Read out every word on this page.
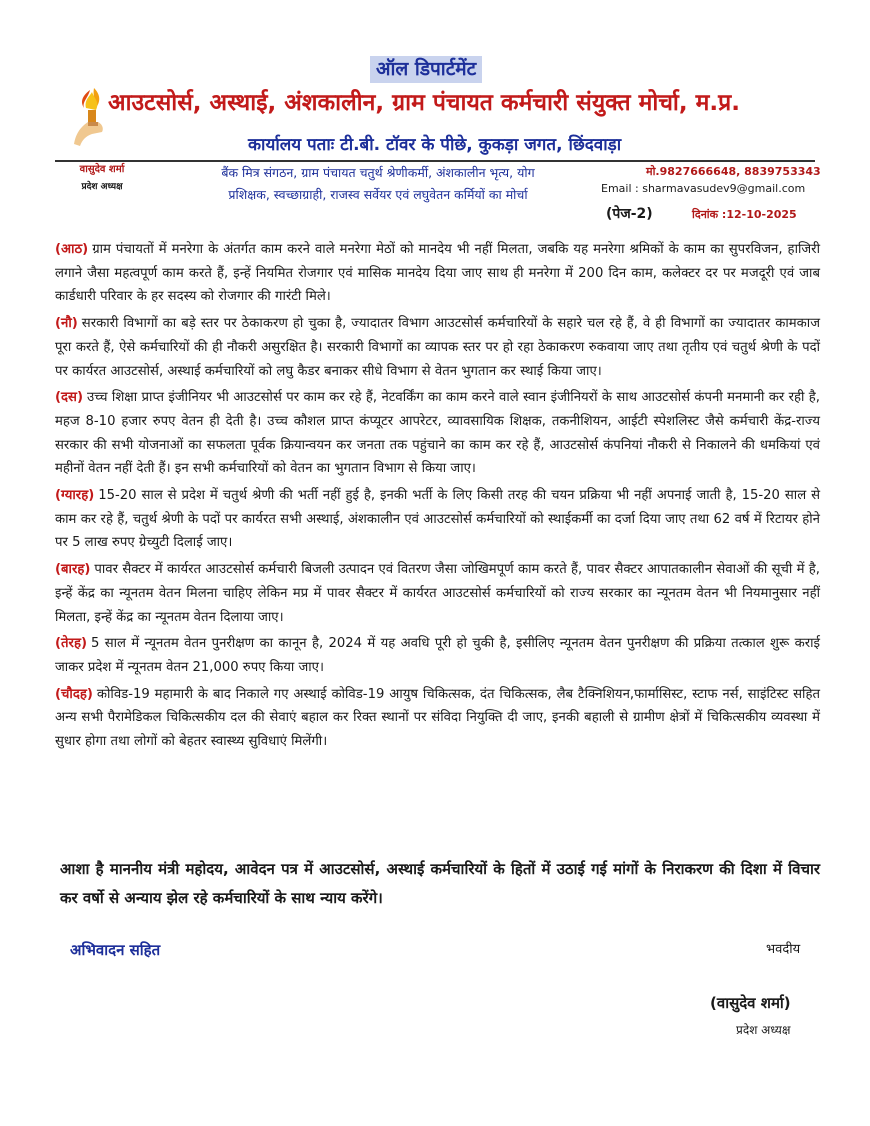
ऑल डिपार्टमेंट
आउटसोर्स, अस्थाई, अंशकालीन, ग्राम पंचायत कर्मचारी संयुक्त मोर्चा, म.प्र.
कार्यालय पताः टी.बी. टॉवर के पीछे, कुकड़ा जगत, छिंदवाड़ा
वासुदेव शर्मा
प्रदेश अध्यक्ष
बैंक मित्र संगठन, ग्राम पंचायत चतुर्थ श्रेणीकर्मी, अंशकालीन भृत्य, योग
प्रशिक्षक, स्वच्छाग्राही, राजस्व सर्वेयर एवं लघुवेतन कर्मियों का मोर्चा
मो.9827666648, 8839753343
Email : sharmavasudev9@gmail.com
(पेज-2)	दिनांक :12-10-2025
(आठ) ग्राम पंचायतों में मनरेगा के अंतर्गत काम करने वाले मनरेगा मेठों को मानदेय भी नहीं मिलता, जबकि यह मनरेगा श्रमिकों के काम का सुपरविजन, हाजिरी लगाने जैसा महत्वपूर्ण काम करते हैं, इन्हें नियमित रोजगार एवं मासिक मानदेय दिया जाए साथ ही मनरेगा में 200 दिन काम, कलेक्टर दर पर मजदूरी एवं जाब कार्डधारी परिवार के हर सदस्य को रोजगार की गारंटी मिले।
(नौ) सरकारी विभागों का बड़े स्तर पर ठेकाकरण हो चुका है, ज्यादातर विभाग आउटसोर्स कर्मचारियों के सहारे चल रहे हैं, वे ही विभागों का ज्यादातर कामकाज पूरा करते हैं, ऐसे कर्मचारियों की ही नौकरी असुरक्षित है। सरकारी विभागों का व्यापक स्तर पर हो रहा ठेकाकरण रुकवाया जाए तथा तृतीय एवं चतुर्थ श्रेणी के पदों पर कार्यरत आउटसोर्स, अस्थाई कर्मचारियों को लघु कैडर बनाकर सीधे विभाग से वेतन भुगतान कर स्थाई किया जाए।
(दस) उच्च शिक्षा प्राप्त इंजीनियर भी आउटसोर्स पर काम कर रहे हैं, नेटवर्किंग का काम करने वाले स्वान इंजीनियरों के साथ आउटसोर्स कंपनी मनमानी कर रही है, महज 8-10 हजार रुपए वेतन ही देती है। उच्च कौशल प्राप्त कंप्यूटर आपरेटर, व्यावसायिक शिक्षक, तकनीशियन, आईटी स्पेशलिस्ट जैसे कर्मचारी केंद्र-राज्य सरकार की सभी योजनाओं का सफलता पूर्वक क्रियान्वयन कर जनता तक पहुंचाने का काम कर रहे हैं, आउटसोर्स कंपनियां नौकरी से निकालने की धमकियां एवं महीनों वेतन नहीं देती हैं। इन सभी कर्मचारियों को वेतन का भुगतान विभाग से किया जाए।
(ग्यारह) 15-20 साल से प्रदेश में चतुर्थ श्रेणी की भर्ती नहीं हुई है, इनकी भर्ती के लिए किसी तरह की चयन प्रक्रिया भी नहीं अपनाई जाती है, 15-20 साल से काम कर रहे हैं, चतुर्थ श्रेणी के पदों पर कार्यरत सभी अस्थाई, अंशकालीन एवं आउटसोर्स कर्मचारियों को स्थाईकर्मी का दर्जा दिया जाए तथा 62 वर्ष में रिटायर होने पर 5 लाख रुपए ग्रेच्युटी दिलाई जाए।
(बारह) पावर सैक्टर में कार्यरत आउटसोर्स कर्मचारी बिजली उत्पादन एवं वितरण जैसा जोखिमपूर्ण काम करते हैं, पावर सैक्टर आपातकालीन सेवाओं की सूची में है, इन्हें केंद्र का न्यूनतम वेतन मिलना चाहिए लेकिन मप्र में पावर सैक्टर में कार्यरत आउटसोर्स कर्मचारियों को राज्य सरकार का न्यूनतम वेतन भी नियमानुसार नहीं मिलता, इन्हें केंद्र का न्यूनतम वेतन दिलाया जाए।
(तेरह) 5 साल में न्यूनतम वेतन पुनरीक्षण का कानून है, 2024 में यह अवधि पूरी हो चुकी है, इसीलिए न्यूनतम वेतन पुनरीक्षण की प्रक्रिया तत्काल शुरू कराई जाकर प्रदेश में न्यूनतम वेतन 21,000 रुपए किया जाए।
(चौदह) कोविड-19 महामारी के बाद निकाले गए अस्थाई कोविड-19 आयुष चिकित्सक, दंत चिकित्सक, लैब टैक्निशियन,फार्मासिस्ट, स्टाफ नर्स, साइंटिस्ट सहित अन्य सभी पैरामेडिकल चिकित्सकीय दल की सेवाएं बहाल कर रिक्त स्थानों पर संविदा नियुक्ति दी जाए, इनकी बहाली से ग्रामीण क्षेत्रों में चिकित्सकीय व्यवस्था में सुधार होगा तथा लोगों को बेहतर स्वास्थ्य सुविधाएं मिलेंगी।
आशा है माननीय मंत्री महोदय, आवेदन पत्र में आउटसोर्स, अस्थाई कर्मचारियों के हितों में उठाई गई मांगों के निराकरण की दिशा में विचार कर वर्षो से अन्याय झेल रहे कर्मचारियों के साथ न्याय करेंगे।
अभिवादन सहित	भवदीय
(वासुदेव शर्मा)
प्रदेश अध्यक्ष
